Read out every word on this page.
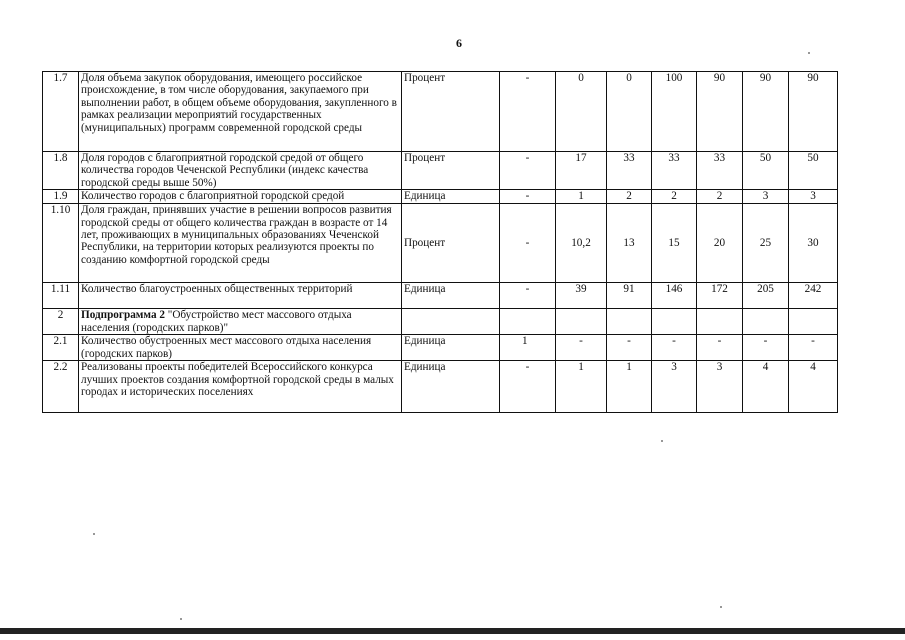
6
1.7	Доля объема закупок оборудования, имеющего российское происхождение, в том числе оборудования, закупаемого при выполнении работ, в общем объеме оборудования, закупленного в рамках реализации мероприятий государственных (муниципальных) программ современной городской среды	Процент	-	0	0	100	90	90	90
1.8	Доля городов с благоприятной городской средой от общего количества городов Чеченской Республики (индекс качества городской среды выше 50%)	Процент	-	17	33	33	33	50	50
1.9	Количество городов с благоприятной городской средой	Единица	-	1	2	2	2	3	3
1.10	Доля граждан, принявших участие в решении вопросов развития городской среды от общего количества граждан в возрасте от 14 лет, проживающих в муниципальных образованиях Чеченской Республики, на территории которых реализуются проекты по созданию комфортной городской среды	Процент	-	10,2	13	15	20	25	30
1.11	Количество благоустроенных общественных территорий	Единица	-	39	91	146	172	205	242
2	Подпрограмма 2 "Обустройство мест массового отдыха населения (городских парков)"								
2.1	Количество обустроенных мест массового отдыха населения (городских парков)	Единица	1	-	-	-	-	-	-
2.2	Реализованы проекты победителей Всероссийского конкурса лучших проектов создания комфортной городской среды в малых городах и исторических поселениях	Единица	-	1	1	3	3	4	4
